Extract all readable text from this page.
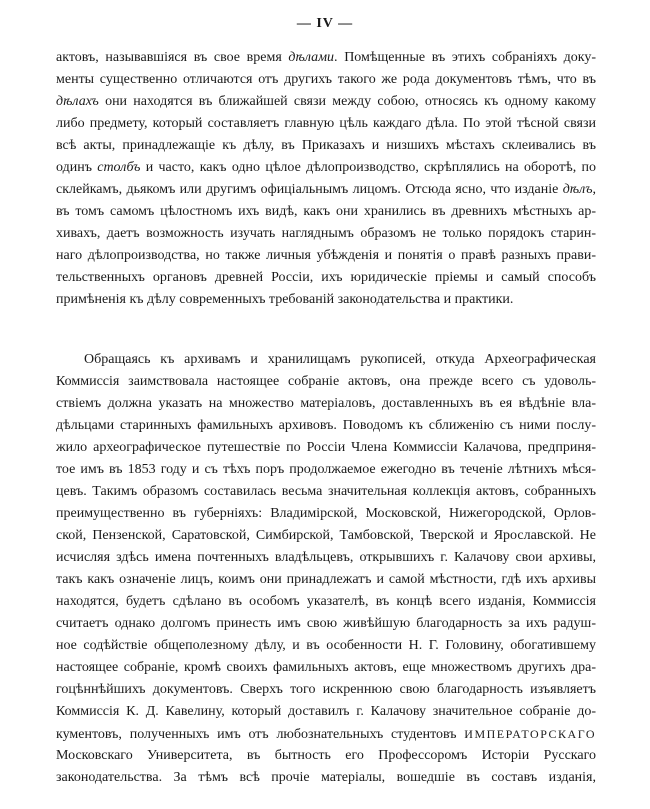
— IV —
актовъ, называвшіяся въ свое время дѣлами. Помѣщенные въ этихъ собраніяхъ доку-
менты существенно отличаются отъ другихъ такого же рода документовъ тѣмъ, что въ
дѣлахъ они находятся въ ближайшей связи между собою, относясь къ одному какому
либо предмету, который составляетъ главную цѣль каждаго дѣла. По этой тѣсной связи
всѣ акты, принадлежащіе къ дѣлу, въ Приказахъ и низшихъ мѣстахъ склеивались въ
одинъ столбъ и часто, какъ одно цѣлое дѣлопроизводство, скрѣплялись на оборотѣ, по
склейкамъ, дьякомъ или другимъ офиціальнымъ лицомъ. Отсюда ясно, что изданіе дѣлъ,
въ томъ самомъ цѣлостномъ ихъ видѣ, какъ они хранились въ древнихъ мѣстныхъ ар-
хивахъ, даетъ возможность изучать нагляднымъ образомъ не только порядокъ старин-
наго дѣлопроизводства, но также личныя убѣжденія и понятія о правѣ разныхъ прави-
тельственныхъ органовъ древней Россіи, ихъ юридическіе пріемы и самый способъ
примѣненія къ дѣлу современныхъ требованій законодательства и практики.
Обращаясь къ архивамъ и хранилищамъ рукописей, откуда Археографическая
Коммиссія заимствовала настоящее собраніе актовъ, она прежде всего съ удоволь-
ствіемъ должна указать на множество матеріаловъ, доставленныхъ въ ея вѣдѣніе вла-
дѣльцами старинныхъ фамильныхъ архивовъ. Поводомъ къ сближенію съ ними послу-
жило археографическое путешествіе по Россіи Члена Коммиссіи Калачова, предприня-
тое имъ въ 1853 году и съ тѣхъ поръ продолжаемое ежегодно въ теченіе лѣтнихъ мѣся-
цевъ. Такимъ образомъ составилась весьма значительная коллекція актовъ, собранныхъ
преимущественно въ губерніяхъ: Владимірской, Московской, Нижегородской, Орлов-
ской, Пензенской, Саратовской, Симбирской, Тамбовской, Тверской и Ярославской. Не
исчисляя здѣсь имена почтенныхъ владѣльцевъ, открывшихъ г. Калачову свои архивы,
такъ какъ означеніе лицъ, коимъ они принадлежатъ и самой мѣстности, гдѣ ихъ архивы
находятся, будетъ сдѣлано въ особомъ указателѣ, въ концѣ всего изданія, Коммиссія
считаетъ однако долгомъ принесть имъ свою живѣйшую благодарность за ихъ радуш-
ное содѣйствіе общеполезному дѣлу, и въ особенности Н. Г. Головину, обогатившему
настоящее собраніе, кромѣ своихъ фамильныхъ актовъ, еще множествомъ другихъ дра-
гоцѣннѣйшихъ документовъ. Сверхъ того искреннюю свою благодарность изъявляетъ
Коммиссія К. Д. Кавелину, который доставилъ г. Калачову значительное собраніе до-
кументовъ, полученныхъ имъ отъ любознательныхъ студентовъ ИМПЕРАТОРСКАГО
Московскаго Университета, въ бытность его Профессоромъ Исторіи Русскаго
законодательства. За тѣмъ всѣ прочіе матеріалы, вошедшіе въ составъ изданія,
